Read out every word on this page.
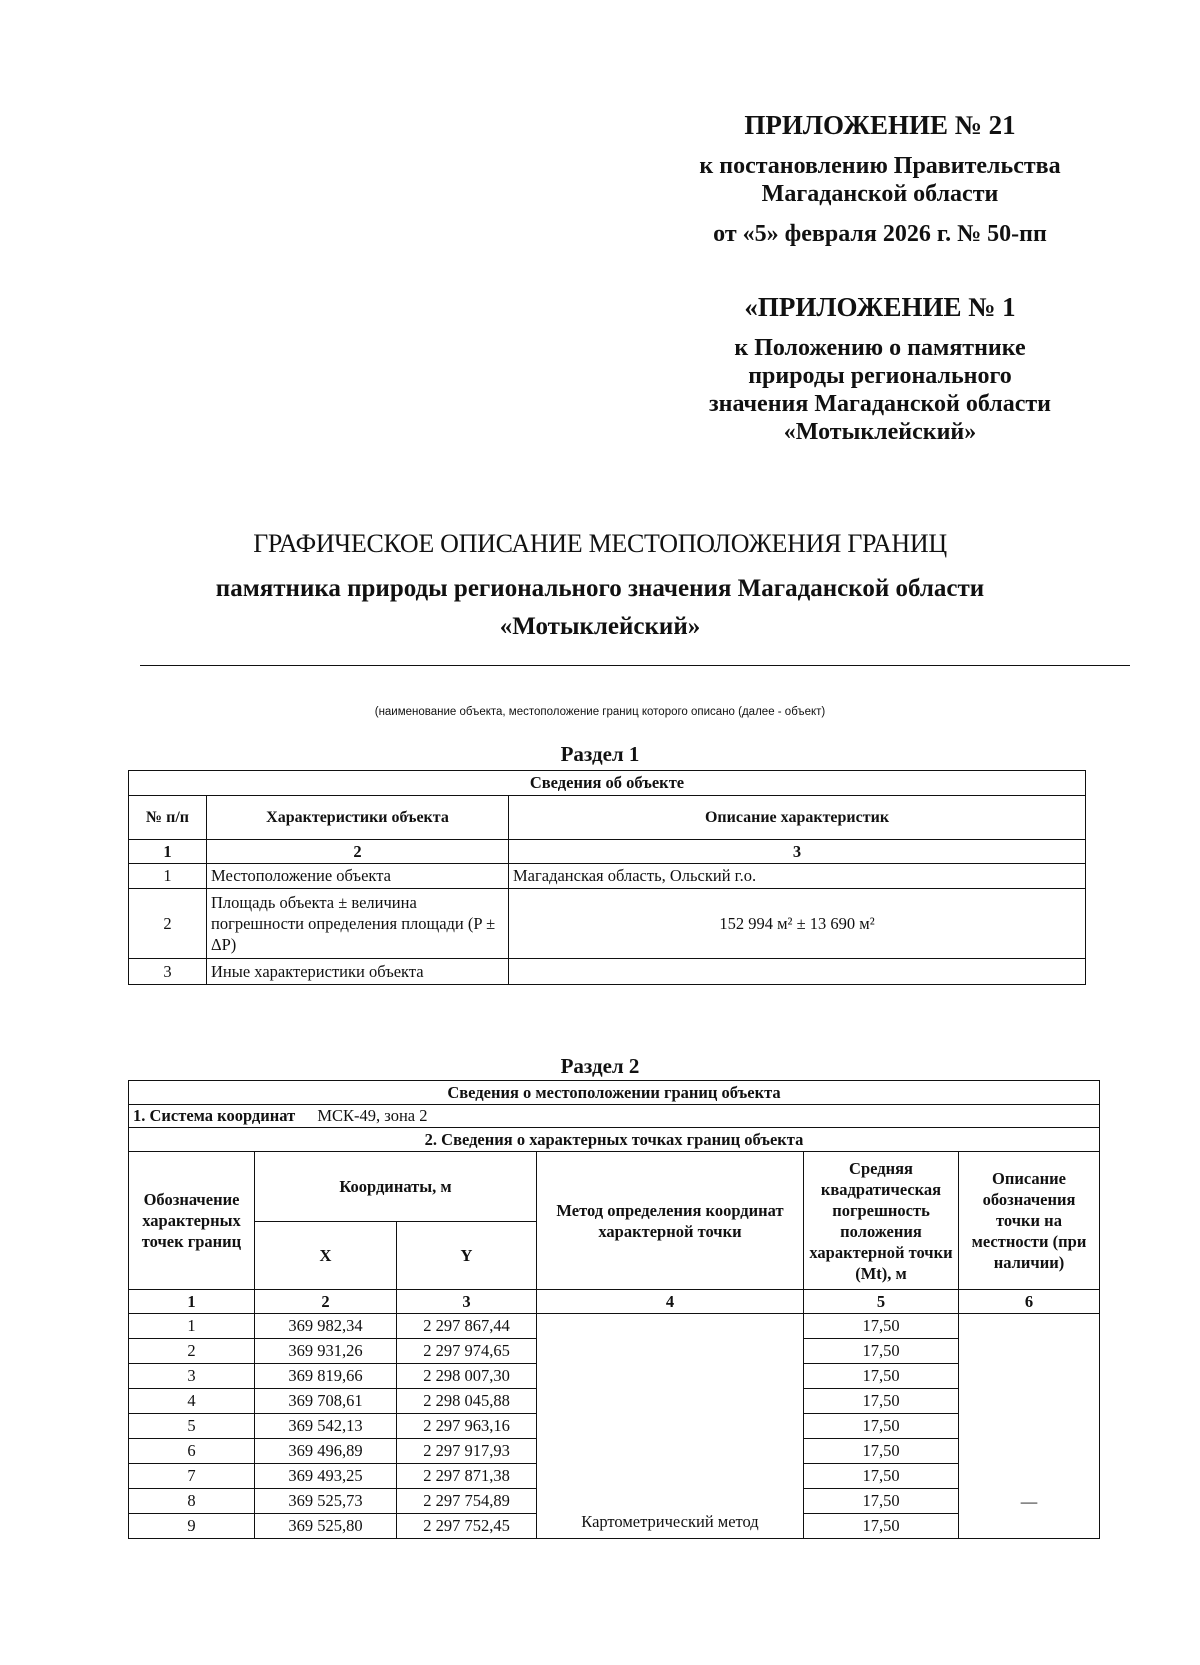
ПРИЛОЖЕНИЕ № 21
к постановлению Правительства
Магаданской области
от «5» февраля 2026 г. № 50-пп
«ПРИЛОЖЕНИЕ № 1
к Положению о памятнике
природы регионального
значения Магаданской области
«Мотыклейский»
ГРАФИЧЕСКОЕ ОПИСАНИЕ МЕСТОПОЛОЖЕНИЯ ГРАНИЦ
памятника природы регионального значения Магаданской области
«Мотыклейский»
(наименование объекта, местоположение границ которого описано (далее - объект)
Раздел 1
Сведения об объекте		
№ п/п	Характеристики объекта	Описание характеристик
1	2	3
1	Местоположение объекта	Магаданская область, Ольский г.о.
2	Площадь объекта ± величина погрешности определения площади (P ± ΔP)	152 994 м² ± 13 690 м²
3	Иные характеристики объекта	
Раздел 2
Сведения о местоположении границ объекта					
1. Система координат МСК-49, зона 2					
2. Сведения о характерных точках границ объекта					
Обозначение характерных точек границ	Координаты, м		Метод определения координат характерной точки	Средняя квадратическая погрешность положения характерной точки (Mt), м	Описание обозначения точки на местности (при наличии)
	X	Y			
1	2	3	4	5	6
1	369 982,34	2 297 867,44	Картометрический метод	17,50	—
2	369 931,26	2 297 974,65		17,50	
3	369 819,66	2 298 007,30		17,50	
4	369 708,61	2 298 045,88		17,50	
5	369 542,13	2 297 963,16		17,50	
6	369 496,89	2 297 917,93		17,50	
7	369 493,25	2 297 871,38		17,50	
8	369 525,73	2 297 754,89		17,50	
9	369 525,80	2 297 752,45		17,50	
